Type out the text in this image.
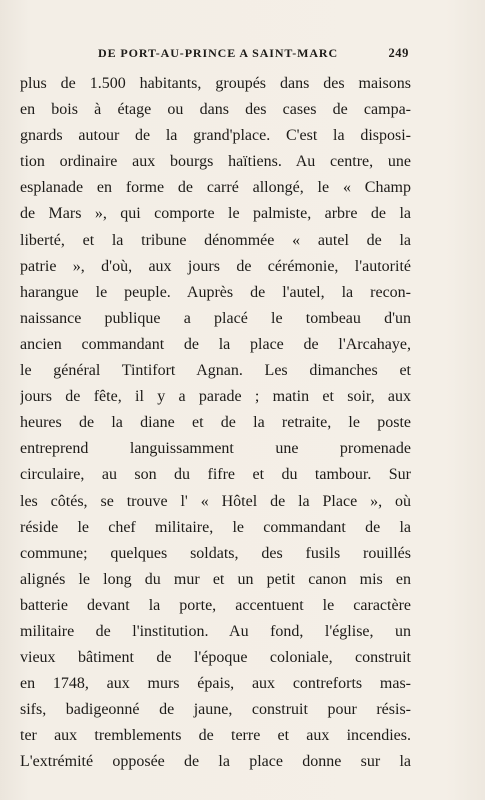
DE PORT-AU-PRINCE A SAINT-MARC	249
plus de 1.500 habitants, groupés dans des maisons
en bois à étage ou dans des cases de campa-
gnards autour de la grand'place. C'est la disposi-
tion ordinaire aux bourgs haïtiens. Au centre, une
esplanade en forme de carré allongé, le « Champ
de Mars », qui comporte le palmiste, arbre de la
liberté, et la tribune dénommée « autel de la
patrie », d'où, aux jours de cérémonie, l'autorité
harangue le peuple. Auprès de l'autel, la recon-
naissance publique a placé le tombeau d'un
ancien commandant de la place de l'Arcahaye,
le général Tintifort Agnan. Les dimanches et
jours de fête, il y a parade ; matin et soir, aux
heures de la diane et de la retraite, le poste
entreprend languissamment une promenade
circulaire, au son du fifre et du tambour. Sur
les côtés, se trouve l' « Hôtel de la Place », où
réside le chef militaire, le commandant de la
commune; quelques soldats, des fusils rouillés
alignés le long du mur et un petit canon mis en
batterie devant la porte, accentuent le caractère
militaire de l'institution. Au fond, l'église, un
vieux bâtiment de l'époque coloniale, construit
en 1748, aux murs épais, aux contreforts mas-
sifs, badigeonné de jaune, construit pour résis-
ter aux tremblements de terre et aux incendies.
L'extrémité opposée de la place donne sur la
